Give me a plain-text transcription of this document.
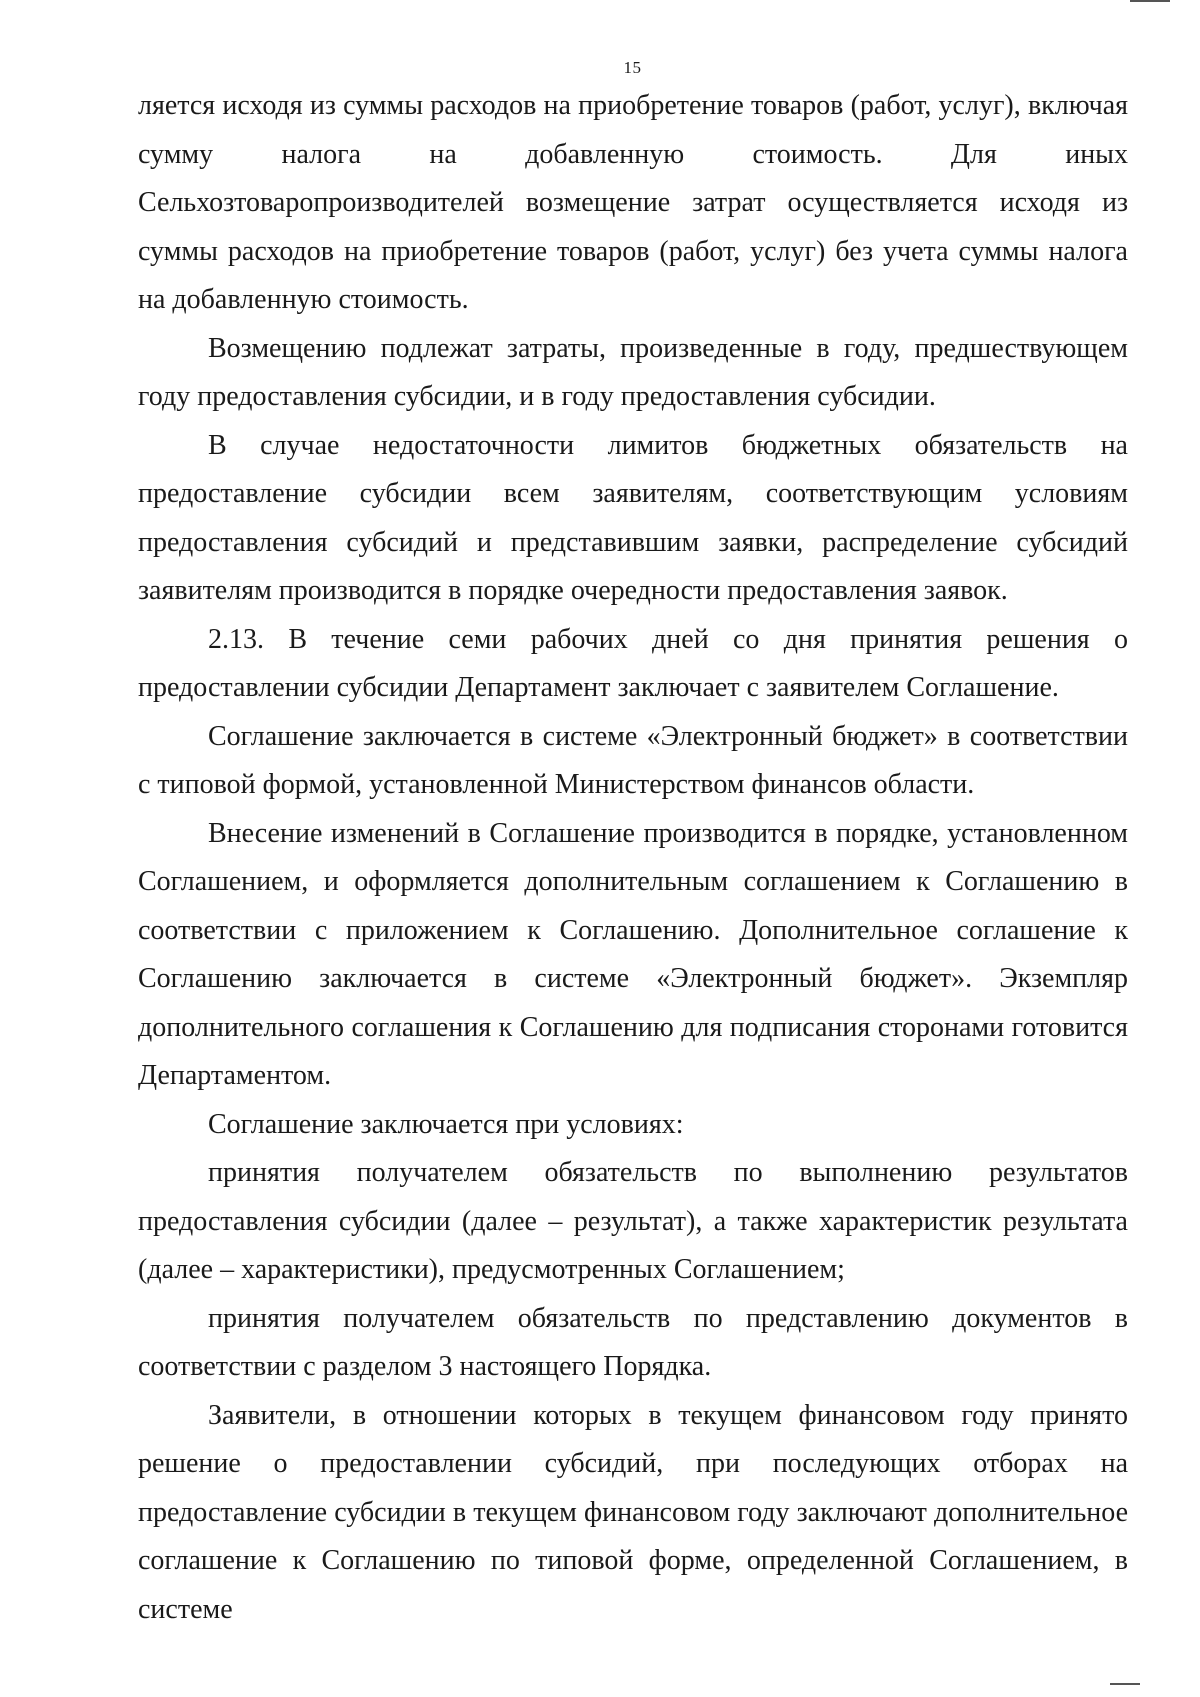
15

ляется исходя из суммы расходов на приобретение товаров (работ, услуг), включая сумму налога на добавленную стоимость. Для иных Сельхозтоваропроизводителей возмещение затрат осуществляется исходя из суммы расходов на приобретение товаров (работ, услуг) без учета суммы налога на добавленную стоимость.

Возмещению подлежат затраты, произведенные в году, предшествующем году предоставления субсидии, и в году предоставления субсидии.

В случае недостаточности лимитов бюджетных обязательств на предоставление субсидии всем заявителям, соответствующим условиям предоставления субсидий и представившим заявки, распределение субсидий заявителям производится в порядке очередности предоставления заявок.

2.13. В течение семи рабочих дней со дня принятия решения о предоставлении субсидии Департамент заключает с заявителем Соглашение.

Соглашение заключается в системе «Электронный бюджет» в соответствии с типовой формой, установленной Министерством финансов области.

Внесение изменений в Соглашение производится в порядке, установленном Соглашением, и оформляется дополнительным соглашением к Соглашению в соответствии с приложением к Соглашению. Дополнительное соглашение к Соглашению заключается в системе «Электронный бюджет». Экземпляр дополнительного соглашения к Соглашению для подписания сторонами готовится Департаментом.

Соглашение заключается при условиях:

принятия получателем обязательств по выполнению результатов предоставления субсидии (далее – результат), а также характеристик результата (далее – характеристики), предусмотренных Соглашением;

принятия получателем обязательств по представлению документов в соответствии с разделом 3 настоящего Порядка.

Заявители, в отношении которых в текущем финансовом году принято решение о предоставлении субсидий, при последующих отборах на предоставление субсидии в текущем финансовом году заключают дополнительное соглашение к Соглашению по типовой форме, определенной Соглашением, в системе
